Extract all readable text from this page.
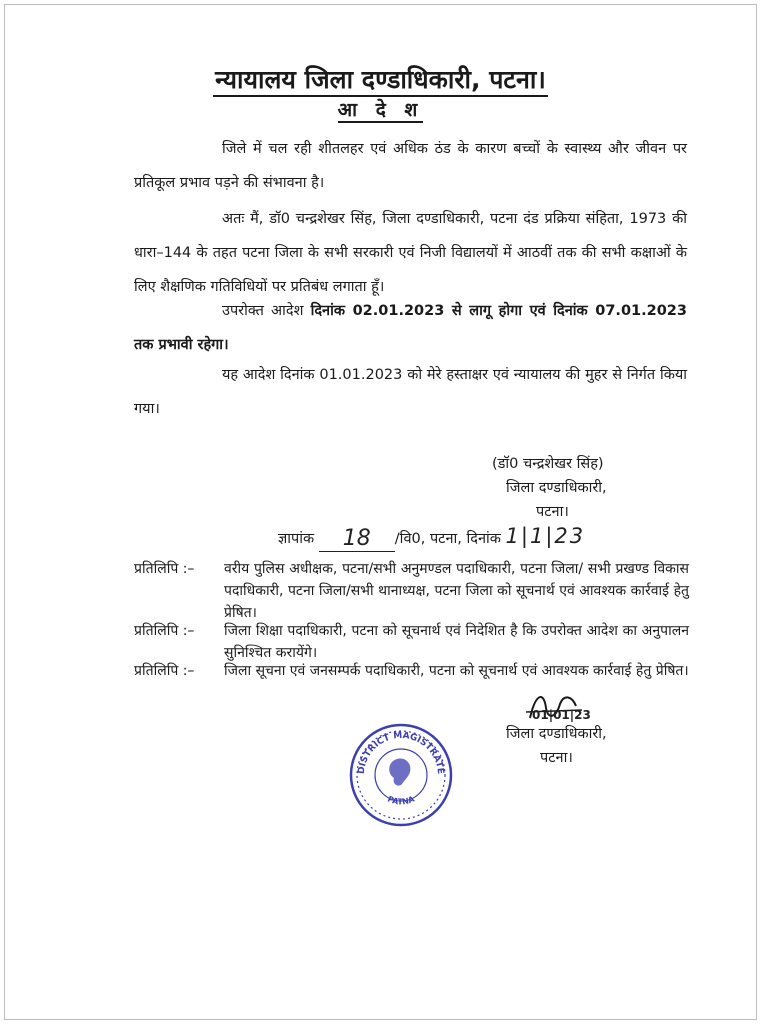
न्यायालय जिला दण्डाधिकारी, पटना।
आ दे श
जिले में चल रही शीतलहर एवं अधिक ठंड के कारण बच्चों के स्वास्थ्य और जीवन पर प्रतिकूल प्रभाव पड़ने की संभावना है।
अतः मैं, डॉ0 चन्द्रशेखर सिंह, जिला दण्डाधिकारी, पटना दंड प्रक्रिया संहिता, 1973 की धारा–144 के तहत पटना जिला के सभी सरकारी एवं निजी विद्यालयों में आठवीं तक की सभी कक्षाओं के लिए शैक्षणिक गतिविधियों पर प्रतिबंध लगाता हूँ।
उपरोक्त आदेश दिनांक 02.01.2023 से लागू होगा एवं दिनांक 07.01.2023 तक प्रभावी रहेगा।
यह आदेश दिनांक 01.01.2023 को मेरे हस्ताक्षर एवं न्यायालय की मुहर से निर्गत किया गया।
(डॉ0 चन्द्रशेखर सिंह)
जिला दण्डाधिकारी,
पटना।
ज्ञापांक 18 /वि0, पटना, दिनांक 1|1|23
प्रतिलिपि :–	वरीय पुलिस अधीक्षक, पटना/सभी अनुमण्डल पदाधिकारी, पटना जिला/ सभी प्रखण्ड विकास पदाधिकारी, पटना जिला/सभी थानाध्यक्ष, पटना जिला को सूचनार्थ एवं आवश्यक कार्रवाई हेतु प्रेषित।
प्रतिलिपि :–	जिला शिक्षा पदाधिकारी, पटना को सूचनार्थ एवं निदेशित है कि उपरोक्त आदेश का अनुपालन सुनिश्चित करायेंगे।
प्रतिलिपि :–	जिला सूचना एवं जनसम्पर्क पदाधिकारी, पटना को सूचनार्थ एवं आवश्यक कार्रवाई हेतु प्रेषित।
01|01|23
जिला दण्डाधिकारी,
पटना।
DISTRICT MAGISTRATE
PATNA
